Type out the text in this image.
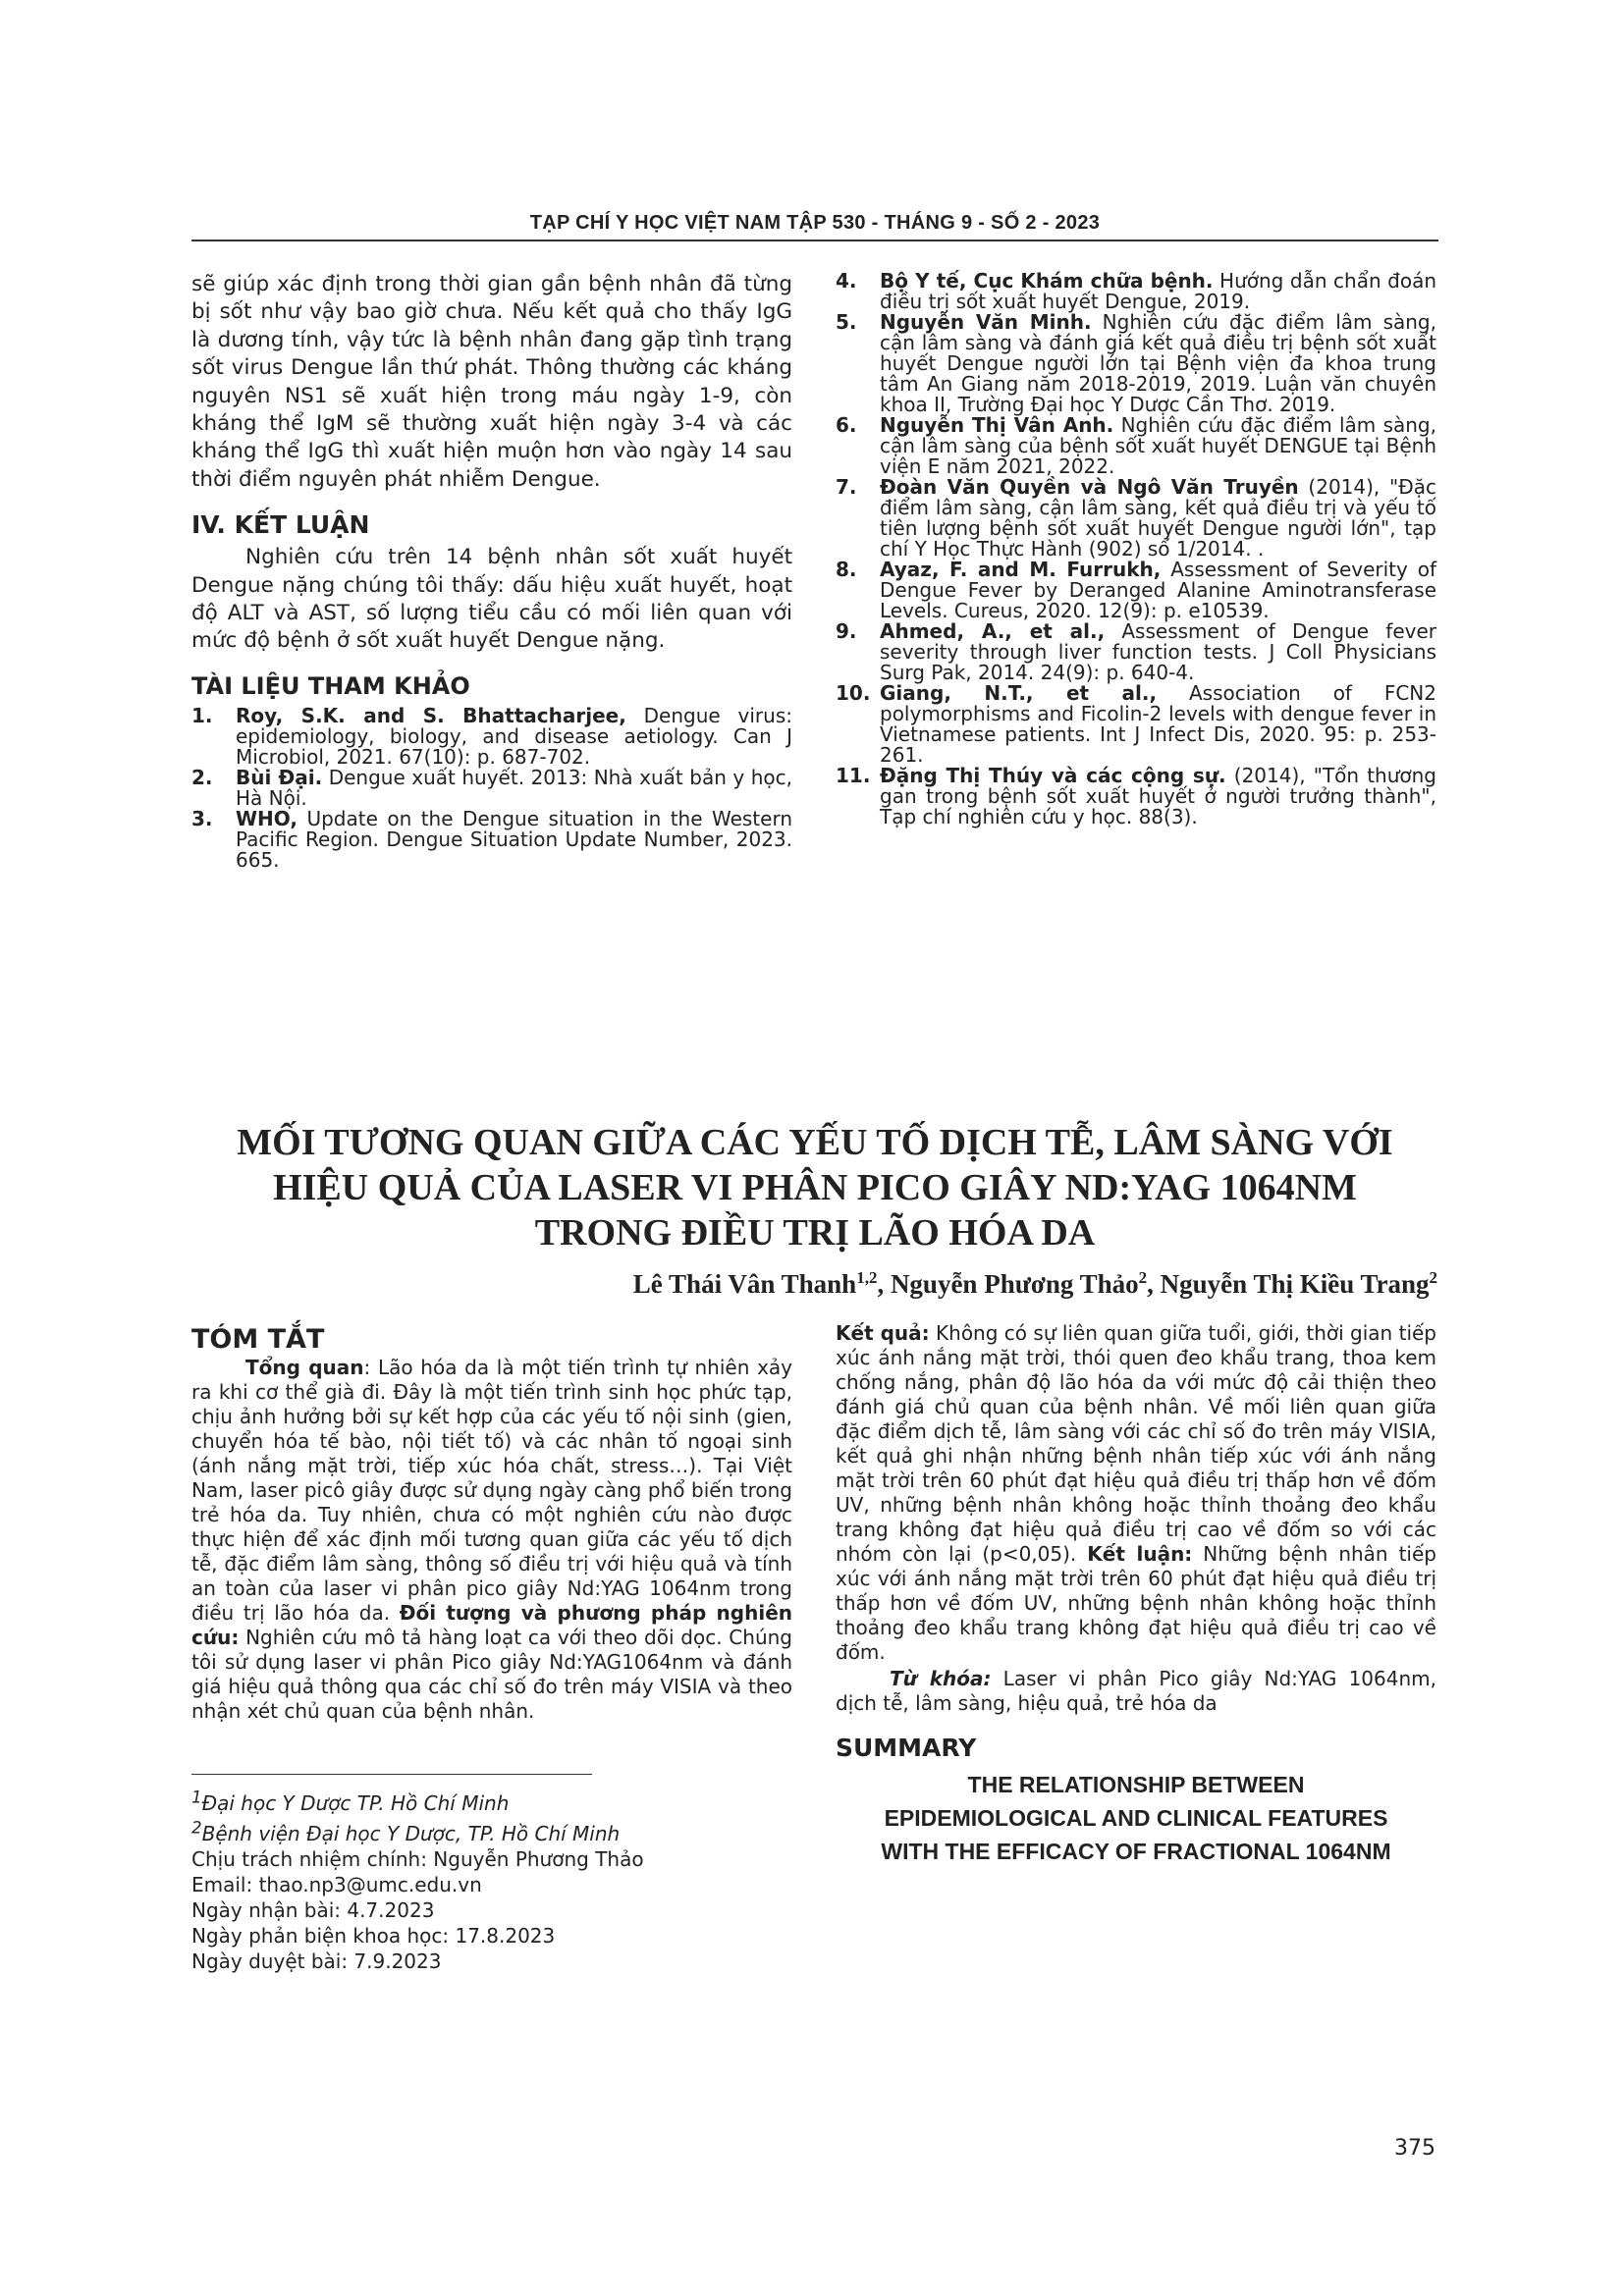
TẠP CHÍ Y HỌC VIỆT NAM TẬP 530 - THÁNG 9 - SỐ 2 - 2023

sẽ giúp xác định trong thời gian gần bệnh nhân đã từng bị sốt như vậy bao giờ chưa. Nếu kết quả cho thấy IgG là dương tính, vậy tức là bệnh nhân đang gặp tình trạng sốt virus Dengue lần thứ phát. Thông thường các kháng nguyên NS1 sẽ xuất hiện trong máu ngày 1-9, còn kháng thể IgM sẽ thường xuất hiện ngày 3-4 và các kháng thể IgG thì xuất hiện muộn hơn vào ngày 14 sau thời điểm nguyên phát nhiễm Dengue.

IV. KẾT LUẬN

Nghiên cứu trên 14 bệnh nhân sốt xuất huyết Dengue nặng chúng tôi thấy: dấu hiệu xuất huyết, hoạt độ ALT và AST, số lượng tiểu cầu có mối liên quan với mức độ bệnh ở sốt xuất huyết Dengue nặng.

TÀI LIỆU THAM KHẢO

1. Roy, S.K. and S. Bhattacharjee, Dengue virus: epidemiology, biology, and disease aetiology. Can J Microbiol, 2021. 67(10): p. 687-702.

2. Bùi Đại. Dengue xuất huyết. 2013: Nhà xuất bản y học, Hà Nội.

3. WHO, Update on the Dengue situation in the Western Pacific Region. Dengue Situation Update Number, 2023. 665.

4. Bộ Y tế, Cục Khám chữa bệnh. Hướng dẫn chẩn đoán điều trị sốt xuất huyết Dengue, 2019.

5. Nguyễn Văn Minh. Nghiên cứu đặc điểm lâm sàng, cận lâm sàng và đánh giá kết quả điều trị bệnh sốt xuất huyết Dengue người lớn tại Bệnh viện đa khoa trung tâm An Giang năm 2018-2019, 2019. Luận văn chuyên khoa II, Trường Đại học Y Dược Cần Thơ. 2019.

6. Nguyễn Thị Vân Anh. Nghiên cứu đặc điểm lâm sàng, cận lâm sàng của bệnh sốt xuất huyết DENGUE tại Bệnh viện E năm 2021, 2022.

7. Đoàn Văn Quyền và Ngô Văn Truyền (2014), "Đặc điểm lâm sàng, cận lâm sàng, kết quả điều trị và yếu tố tiên lượng bệnh sốt xuất huyết Dengue người lớn", tạp chí Y Học Thực Hành (902) số 1/2014. .

8. Ayaz, F. and M. Furrukh, Assessment of Severity of Dengue Fever by Deranged Alanine Aminotransferase Levels. Cureus, 2020. 12(9): p. e10539.

9. Ahmed, A., et al., Assessment of Dengue fever severity through liver function tests. J Coll Physicians Surg Pak, 2014. 24(9): p. 640-4.

10. Giang, N.T., et al., Association of FCN2 polymorphisms and Ficolin-2 levels with dengue fever in Vietnamese patients. Int J Infect Dis, 2020. 95: p. 253-261.

11. Đặng Thị Thúy và các cộng sự. (2014), "Tổn thương gan trong bệnh sốt xuất huyết ở người trưởng thành", Tạp chí nghiên cứu y học. 88(3).

MỐI TƯƠNG QUAN GIỮA CÁC YẾU TỐ DỊCH TỄ, LÂM SÀNG VỚI
HIỆU QUẢ CỦA LASER VI PHÂN PICO GIÂY ND:YAG 1064NM
TRONG ĐIỀU TRỊ LÃO HÓA DA
Lê Thái Vân Thanh$^{1,2}$, Nguyễn Phương Thảo$^2$, Nguyễn Thị Kiều Trang$^2$
TÓM TẮT

Tổng quan: Lão hóa da là một tiến trình tự nhiên xảy ra khi cơ thể già đi. Đây là một tiến trình sinh học phức tạp, chịu ảnh hưởng bởi sự kết hợp của các yếu tố nội sinh (gien, chuyển hóa tế bào, nội tiết tố) và các nhân tố ngoại sinh (ánh nắng mặt trời, tiếp xúc hóa chất, stress…). Tại Việt Nam, laser picô giây được sử dụng ngày càng phổ biến trong trẻ hóa da. Tuy nhiên, chưa có một nghiên cứu nào được thực hiện để xác định mối tương quan giữa các yếu tố dịch tễ, đặc điểm lâm sàng, thông số điều trị với hiệu quả và tính an toàn của laser vi phân pico giây Nd:YAG 1064nm trong điều trị lão hóa da. Đối tượng và phương pháp nghiên cứu: Nghiên cứu mô tả hàng loạt ca với theo dõi dọc. Chúng tôi sử dụng laser vi phân Pico giây Nd:YAG1064nm và đánh giá hiệu quả thông qua các chỉ số đo trên máy VISIA và theo nhận xét chủ quan của bệnh nhân.

$^1$Đại học Y Dược TP. Hồ Chí Minh

$^2$Bệnh viện Đại học Y Dược, TP. Hồ Chí Minh

Chịu trách nhiệm chính: Nguyễn Phương Thảo

Email: thao.np3@umc.edu.vn

Ngày nhận bài: 4.7.2023

Ngày phản biện khoa học: 17.8.2023

Ngày duyệt bài: 7.9.2023

Kết quả: Không có sự liên quan giữa tuổi, giới, thời gian tiếp xúc ánh nắng mặt trời, thói quen đeo khẩu trang, thoa kem chống nắng, phân độ lão hóa da với mức độ cải thiện theo đánh giá chủ quan của bệnh nhân. Về mối liên quan giữa đặc điểm dịch tễ, lâm sàng với các chỉ số đo trên máy VISIA, kết quả ghi nhận những bệnh nhân tiếp xúc với ánh nắng mặt trời trên 60 phút đạt hiệu quả điều trị thấp hơn về đốm UV, những bệnh nhân không hoặc thỉnh thoảng đeo khẩu trang không đạt hiệu quả điều trị cao về đốm so với các nhóm còn lại (p<0,05). Kết luận: Những bệnh nhân tiếp xúc với ánh nắng mặt trời trên 60 phút đạt hiệu quả điều trị thấp hơn về đốm UV, những bệnh nhân không hoặc thỉnh thoảng đeo khẩu trang không đạt hiệu quả điều trị cao về đốm.

Từ khóa: Laser vi phân Pico giây Nd:YAG 1064nm, dịch tễ, lâm sàng, hiệu quả, trẻ hóa da

SUMMARY
THE RELATIONSHIP BETWEEN
EPIDEMIOLOGICAL AND CLINICAL FEATURES
WITH THE EFFICACY OF FRACTIONAL 1064NM
375
